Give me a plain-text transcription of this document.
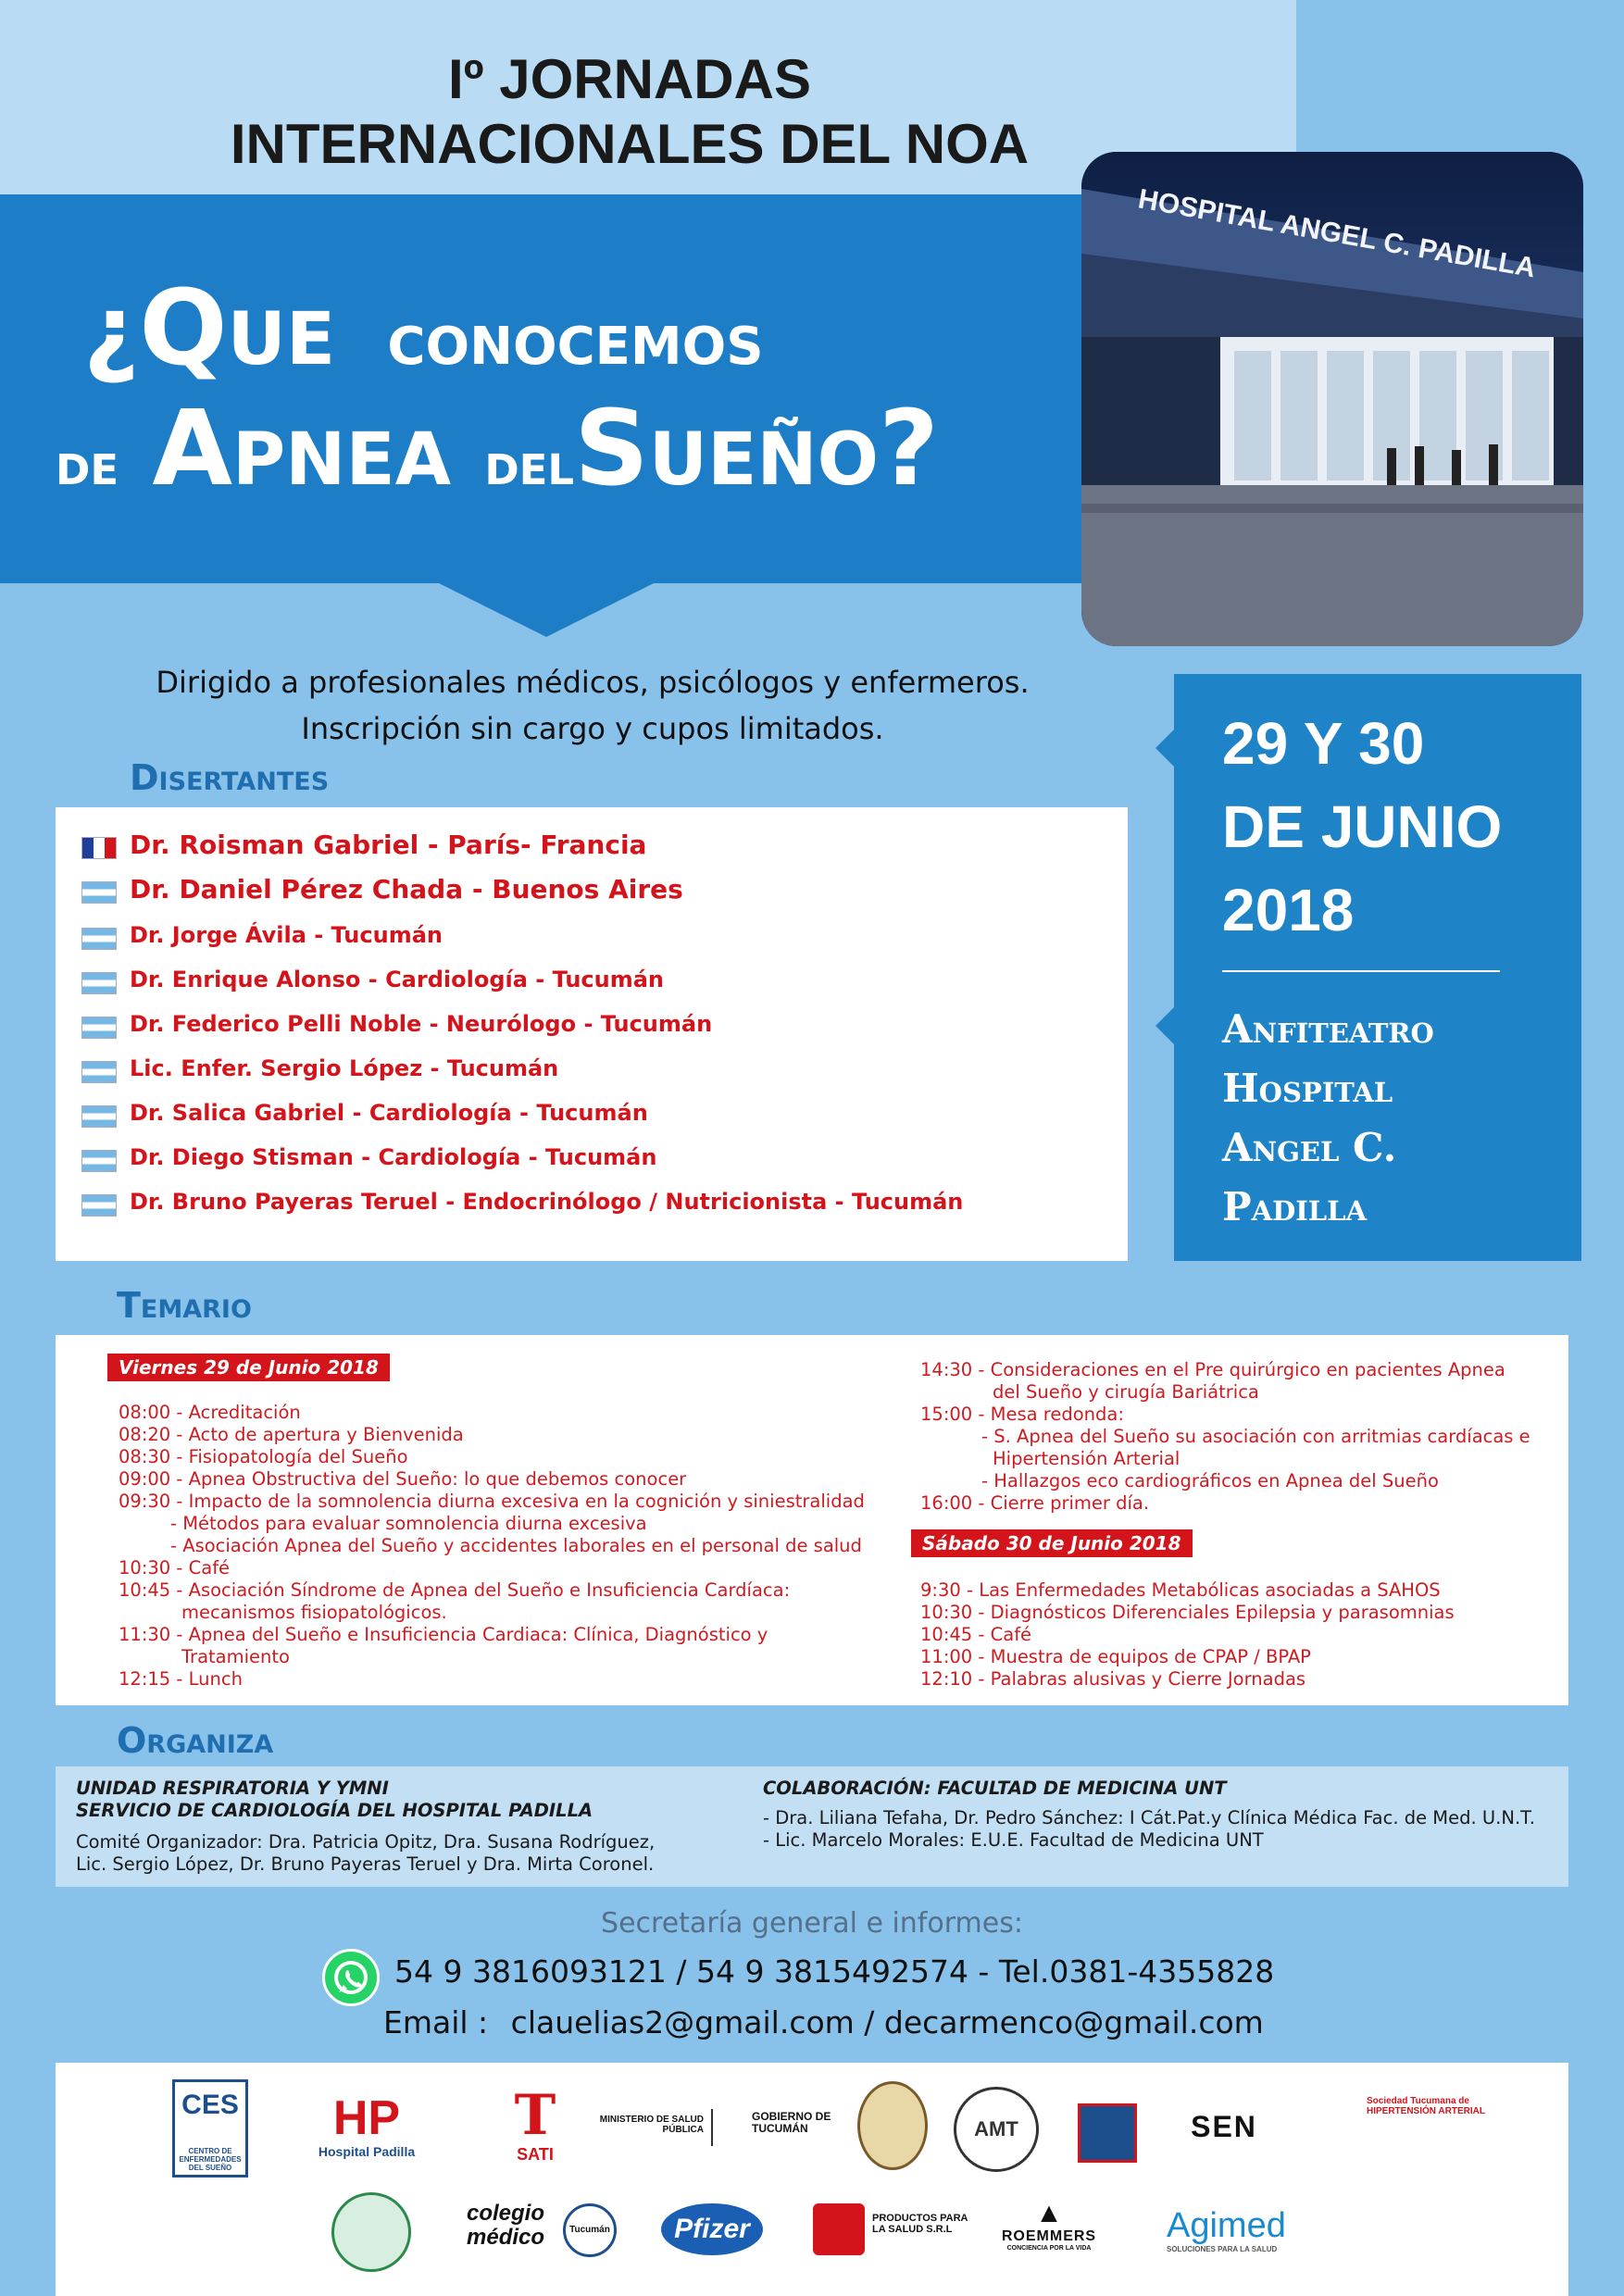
Iº JORNADAS
INTERNACIONALES DEL NOA
¿Que conocemos
de Apnea delSueño?
HOSPITAL ANGEL C. PADILLA
Dirigido a profesionales médicos, psicólogos y enfermeros.
Inscripción sin cargo y cupos limitados.
Disertantes
Dr. Roisman Gabriel - París- Francia
Dr. Daniel Pérez Chada - Buenos Aires
Dr. Jorge Ávila - Tucumán
Dr. Enrique Alonso - Cardiología - Tucumán
Dr. Federico Pelli Noble - Neurólogo - Tucumán
Lic. Enfer. Sergio López - Tucumán
Dr. Salica Gabriel - Cardiología - Tucumán
Dr. Diego Stisman - Cardiología - Tucumán
Dr. Bruno Payeras Teruel - Endocrinólogo / Nutricionista - Tucumán
29 Y 30
DE JUNIO
2018
Anfiteatro
Hospital
Angel C.
Padilla
Temario
Viernes 29 de Junio 2018
08:00 - Acreditación
08:20 - Acto de apertura y Bienvenida
08:30 - Fisiopatología del Sueño
09:00 - Apnea Obstructiva del Sueño: lo que debemos conocer
09:30 - Impacto de la somnolencia diurna excesiva en la cognición y siniestralidad
- Métodos para evaluar somnolencia diurna excesiva
- Asociación Apnea del Sueño y accidentes laborales en el personal de salud
10:30 - Café
10:45 - Asociación Síndrome de Apnea del Sueño e Insuficiencia Cardíaca:
mecanismos fisiopatológicos.
11:30 - Apnea del Sueño e Insuficiencia Cardiaca: Clínica, Diagnóstico y
Tratamiento
12:15 - Lunch
14:30 - Consideraciones en el Pre quirúrgico en pacientes Apnea
del Sueño y cirugía Bariátrica
15:00 - Mesa redonda:
- S. Apnea del Sueño su asociación con arritmias cardíacas e
Hipertensión Arterial
- Hallazgos eco cardiográficos en Apnea del Sueño
16:00 - Cierre primer día.
Sábado 30 de Junio 2018
9:30 - Las Enfermedades Metabólicas asociadas a SAHOS
10:30 - Diagnósticos Diferenciales Epilepsia y parasomnias
10:45 - Café
11:00 - Muestra de equipos de CPAP / BPAP
12:10 - Palabras alusivas y Cierre Jornadas
Organiza
UNIDAD RESPIRATORIA Y YMNI
SERVICIO DE CARDIOLOGÍA DEL HOSPITAL PADILLA
Comité Organizador: Dra. Patricia Opitz, Dra. Susana Rodríguez,
Lic. Sergio López, Dr. Bruno Payeras Teruel y Dra. Mirta Coronel.
COLABORACIÓN: FACULTAD DE MEDICINA UNT
- Dra. Liliana Tefaha, Dr. Pedro Sánchez: I Cát.Pat.y Clínica Médica Fac. de Med. U.N.T.
- Lic. Marcelo Morales: E.U.E. Facultad de Medicina UNT
Secretaría general e informes:
54 9 3816093121 / 54 9 3815492574 - Tel.0381-4355828
Email : clauelias2@gmail.com / decarmenco@gmail.com
CES
CENTRO DE ENFERMEDADES DEL SUEÑO
HP
Hospital Padilla
T
SATI
MINISTERIO DE SALUD PÚBLICA
GOBIERNO DE TUCUMÁN	AMT	SEN
Sociedad Tucumana de HIPERTENSIÓN ARTERIAL
colegio médico	Tucumán	Pfizer	PRODUCTOS PARA LA SALUD S.R.L
▲
ROEMMERS
CONCIENCIA POR LA VIDA
Agimed
SOLUCIONES PARA LA SALUD
